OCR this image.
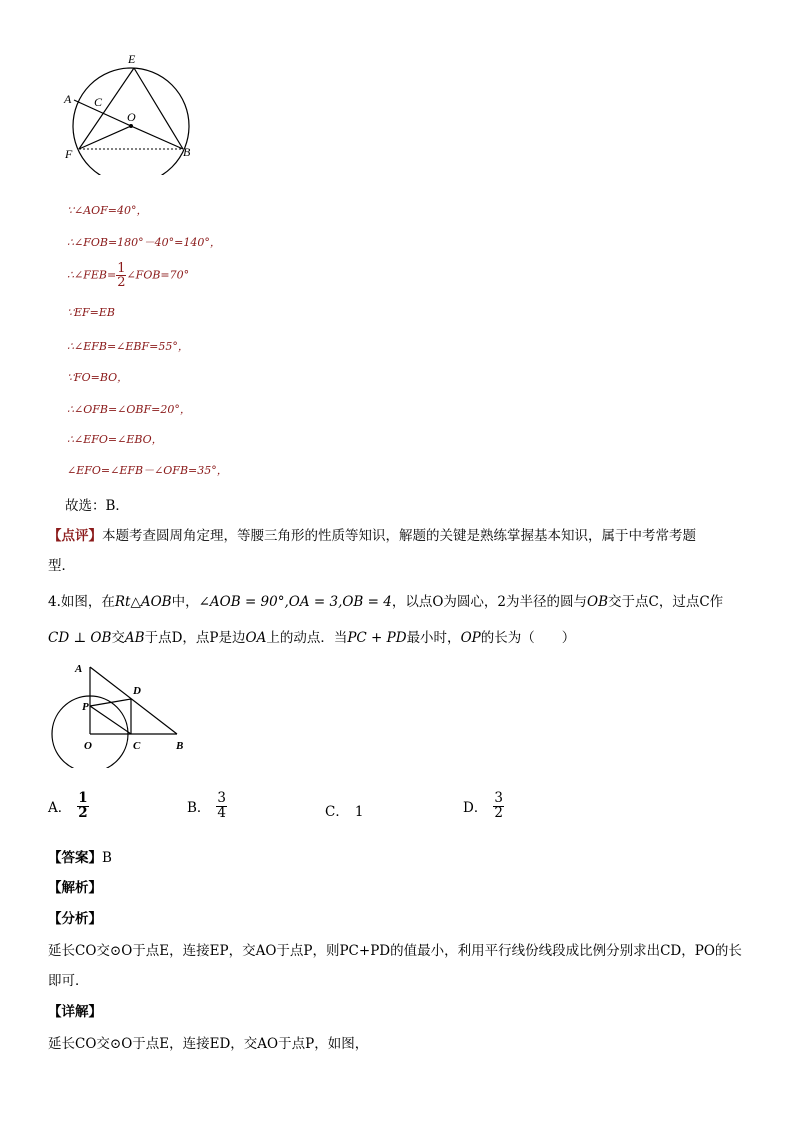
E
A C
O
F	B
∵∠AOF=40°，
∴∠FOB=180°－40°=140°，
∴∠FEB= $\frac{1}{2}$ ∠FOB=70°
∵EF=EB
∴∠EFB=∠EBF=55°，
∵FO=BO，
∴∠OFB=∠OBF=20°，
∴∠EFO=∠EBO，
∠EFO=∠EFB－∠OFB=35°，
故选：B．
【点评】本题考查圆周角定理，等腰三角形的性质等知识，解题的关键是熟练掌握基本知识，属于中考常考题
型．
4.如图，在Rt△AOB中，∠AOB = 90°,OA = 3,OB = 4，以点O为圆心，2为半径的圆与OB交于点C，过点C作
CD ⊥ OB交AB于点D，点P是边OA上的动点．当PC + PD最小时，OP的长为（　　）
A
D
P
O	C	B
A． $\frac{1}{2}$	B． $\frac{3}{4}$	C． 1	D． $\frac{3}{2}$
【答案】B
【解析】
【分析】
延长CO交⊙O于点E，连接EP，交AO于点P，则PC+PD的值最小，利用平行线份线段成比例分别求出CD，PO的长
即可．
【详解】
延长CO交⊙O于点E，连接ED，交AO于点P，如图，
